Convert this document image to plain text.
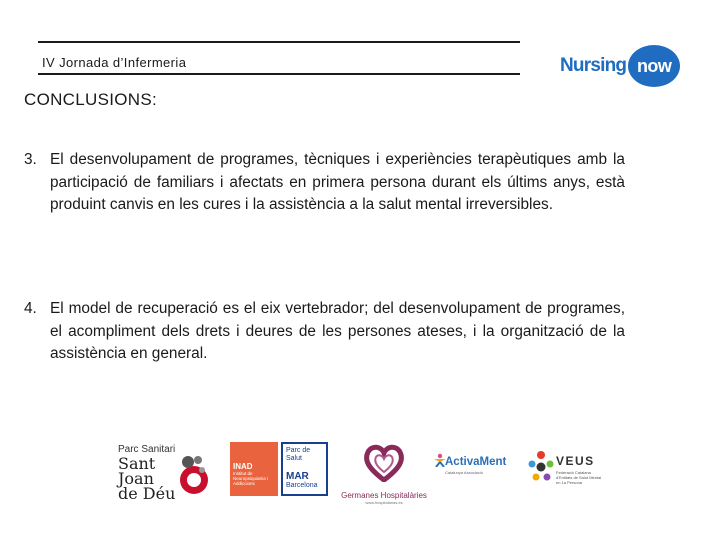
IV Jornada d’Infermeria	Nursing now
CONCLUSIONS:
3. El desenvolupament de programes, tècniques i experiències terapèutiques amb la participació de familiars i afectats en primera persona durant els últims anys, està produint canvis en les cures i la assistència a la salut mental irreversibles.
4. El model de recuperació es el eix vertebrador; del desenvolupament de programes, el acompliment dels drets i deures de les persones ateses, i la organització de la assistència en general.
Parc Sanitari
Sant
Joan
de Déu
INAD
Institut de Neuropsiquiatria i Addiccions
Parc de Salut
MAR
Barcelona
Germanes Hospitalàries
www.hospitalarias.es
ActivaMent
Catalunya Associació
VEUS
Federació Catalana d'Entitats de Salut Mental en 1a Persona
